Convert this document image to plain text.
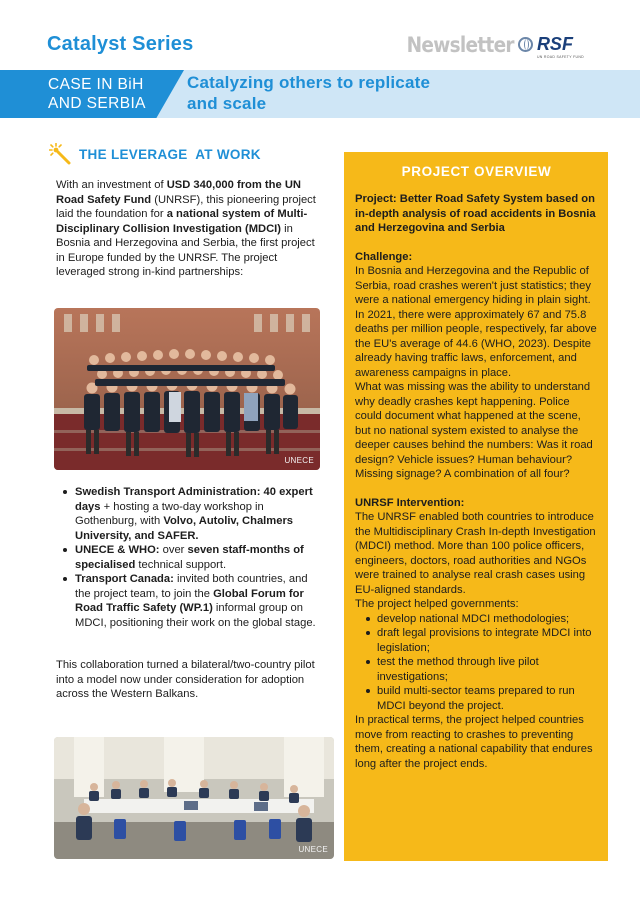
Catalyst Series	Newsletter RSF
UN ROAD SAFETY FUND
CASE IN BiH AND SERBIA
Catalyzing others to replicate and scale
THE LEVERAGE  AT WORK

With an investment of USD 340,000 from the UN Road Safety Fund (UNRSF), this pioneering project laid the foundation for a national system of Multi-Disciplinary Collision Investigation (MDCI) in Bosnia and Herzegovina and Serbia, the first project in Europe funded by the UNRSF. The project leveraged strong in-kind partnerships:

UNECE
Swedish Transport Administration: 40 expert days + hosting a two-day workshop in Gothenburg, with Volvo, Autoliv, Chalmers University, and SAFER.
UNECE & WHO: over seven staff-months of specialised technical support.
Transport Canada: invited both countries, and the project team, to join the Global Forum for Road Traffic Safety (WP.1) informal group on MDCI, positioning their work on the global stage.

This collaboration turned a bilateral/two-country pilot into a model now under consideration for adoption across the Western Balkans.

UNECE
PROJECT OVERVIEW

Project: Better Road Safety System based on in-depth analysis of road accidents in Bosnia and Herzegovina and Serbia

Challenge:

In Bosnia and Herzegovina and the Republic of Serbia, road crashes weren't just statistics; they were a national emergency hiding in plain sight. In 2021, there were approximately 67 and 75.8 deaths per million people, respectively, far above the EU's average of 44.6 (WHO, 2023). Despite already having traffic laws, enforcement, and awareness campaigns in place.

What was missing was the ability to understand why deadly crashes kept happening. Police could document what happened at the scene, but no national system existed to analyse the deeper causes behind the numbers: Was it road design? Vehicle issues? Human behaviour? Missing signage? A combination of all four?

UNRSF Intervention:

The UNRSF enabled both countries to introduce the Multidisciplinary Crash In-depth Investigation (MDCI) method. More than 100 police officers, engineers, doctors, road authorities and NGOs were trained to analyse real crash cases using EU-aligned standards.

The project helped governments:

develop national MDCI methodologies;
draft legal provisions to integrate MDCI into legislation;
test the method through live pilot investigations;
build multi-sector teams prepared to run MDCI beyond the project.

In practical terms, the project helped countries move from reacting to crashes to preventing them, creating a national capability that endures long after the project ends.
